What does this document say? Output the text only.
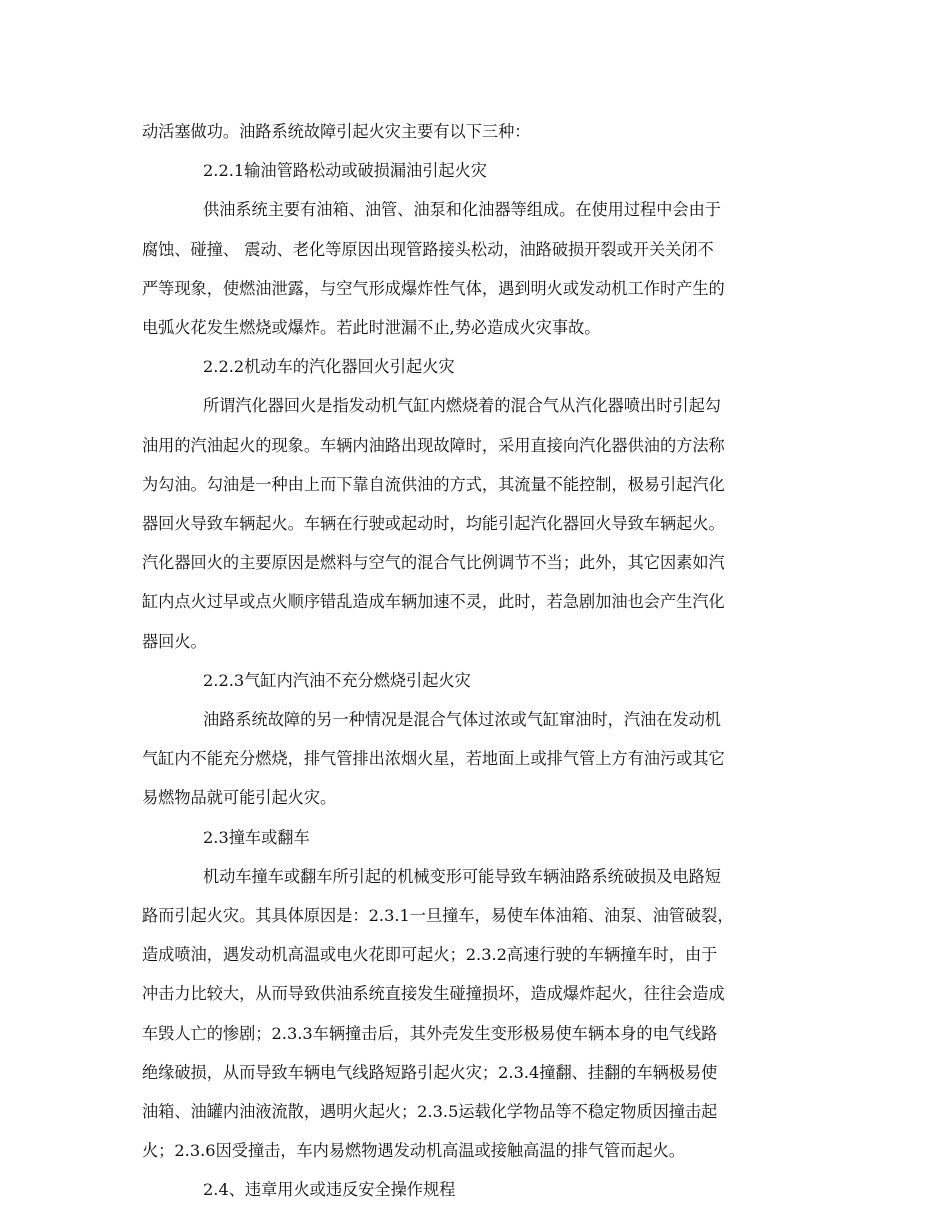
动活塞做功。油路系统故障引起火灾主要有以下三种：

2.2.1输油管路松动或破损漏油引起火灾

供油系统主要有油箱、油管、油泵和化油器等组成。在使用过程中会由于

腐蚀、碰撞、 震动、老化等原因出现管路接头松动，油路破损开裂或开关关闭不

严等现象，使燃油泄露，与空气形成爆炸性气体，遇到明火或发动机工作时产生的

电弧火花发生燃烧或爆炸。若此时泄漏不止,势必造成火灾事故。

2.2.2机动车的汽化器回火引起火灾

所谓汽化器回火是指发动机气缸内燃烧着的混合气从汽化器喷出时引起勾

油用的汽油起火的现象。车辆内油路出现故障时，采用直接向汽化器供油的方法称

为勾油。勾油是一种由上而下靠自流供油的方式，其流量不能控制，极易引起汽化

器回火导致车辆起火。车辆在行驶或起动时，均能引起汽化器回火导致车辆起火。

汽化器回火的主要原因是燃料与空气的混合气比例调节不当；此外，其它因素如汽

缸内点火过早或点火顺序错乱造成车辆加速不灵，此时，若急剧加油也会产生汽化

器回火。

2.2.3气缸内汽油不充分燃烧引起火灾

油路系统故障的另一种情况是混合气体过浓或气缸窜油时，汽油在发动机

气缸内不能充分燃烧，排气管排出浓烟火星，若地面上或排气管上方有油污或其它

易燃物品就可能引起火灾。

2.3撞车或翻车

机动车撞车或翻车所引起的机械变形可能导致车辆油路系统破损及电路短

路而引起火灾。其具体原因是：2.3.1一旦撞车，易使车体油箱、油泵、油管破裂，

造成喷油，遇发动机高温或电火花即可起火；2.3.2高速行驶的车辆撞车时，由于

冲击力比较大，从而导致供油系统直接发生碰撞损坏，造成爆炸起火，往往会造成

车毁人亡的惨剧；2.3.3车辆撞击后，其外壳发生变形极易使车辆本身的电气线路

绝缘破损，从而导致车辆电气线路短路引起火灾；2.3.4撞翻、挂翻的车辆极易使

油箱、油罐内油液流散，遇明火起火；2.3.5运载化学物品等不稳定物质因撞击起

火；2.3.6因受撞击，车内易燃物遇发动机高温或接触高温的排气管而起火。

2.4、违章用火或违反安全操作规程
